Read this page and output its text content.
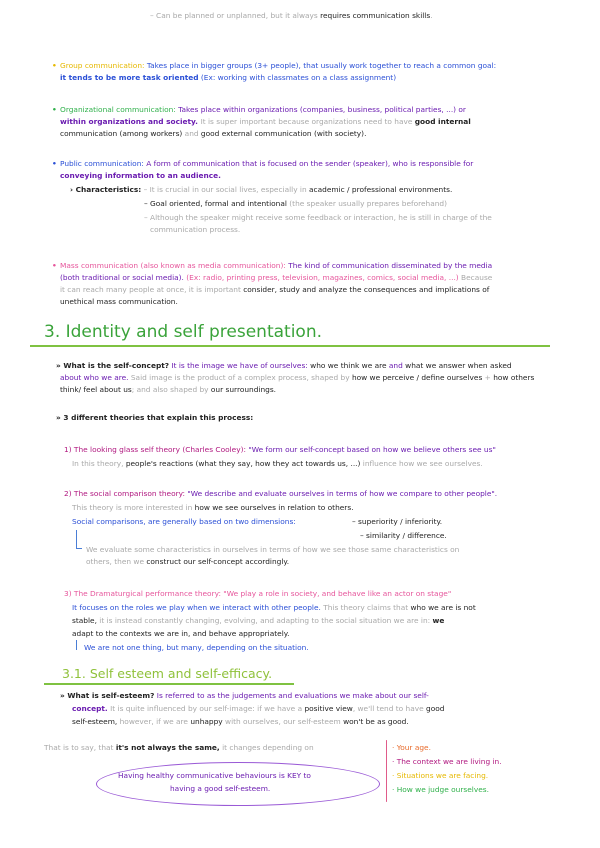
– Can be planned or unplanned, but it always requires communication skills.
• Group communication: Takes place in bigger groups (3+ people), that usually work together to reach a common goal:
it tends to be more task oriented (Ex: working with classmates on a class assignment)
• Organizational communication: Takes place within organizations (companies, business, political parties, ...) or
within organizations and society. It is super important because organizations need to have good internal
communication (among workers) and good external communication (with society).
• Public communication: A form of communication that is focused on the sender (speaker), who is responsible for
conveying information to an audience.
› Characteristics: – It is crucial in our social lives, especially in academic / professional environments.
– Goal oriented, formal and intentional (the speaker usually prepares beforehand)
– Although the speaker might receive some feedback or interaction, he is still in charge of the
communication process.
• Mass communication (also known as media communication): The kind of communication disseminated by the media
(both traditional or social media). (Ex: radio, printing press, television, magazines, comics, social media, ...) Because
it can reach many people at once, it is important consider, study and analyze the consequences and implications of
unethical mass communication.
3. Identity and self presentation.
» What is the self-concept? It is the image we have of ourselves: who we think we are and what we answer when asked
about who we are. Said image is the product of a complex process, shaped by how we perceive / define ourselves + how others
think/ feel about us; and also shaped by our surroundings.
» 3 different theories that explain this process:
1) The looking glass self theory (Charles Cooley): "We form our self-concept based on how we believe others see us"
In this theory, people's reactions (what they say, how they act towards us, ...) influence how we see ourselves.
2) The social comparison theory: "We describe and evaluate ourselves in terms of how we compare to other people".
This theory is more interested in how we see ourselves in relation to others.
Social comparisons, are generally based on two dimensions:	– superiority / inferiority.
– similarity / difference.
We evaluate some characteristics in ourselves in terms of how we see those same characteristics on
others, then we construct our self-concept accordingly.
3) The Dramaturgical performance theory: "We play a role in society, and behave like an actor on stage"
It focuses on the roles we play when we interact with other people. This theory claims that who we are is not
stable, it is instead constantly changing, evolving, and adapting to the social situation we are in: we
adapt to the contexts we are in, and behave appropriately.
We are not one thing, but many, depending on the situation.
3.1. Self esteem and self-efficacy.
» What is self-esteem? Is referred to as the judgements and evaluations we make about our self-
concept. It is quite influenced by our self-image: if we have a positive view, we'll tend to have good
self-esteem, however, if we are unhappy with ourselves, our self-esteem won't be as good.
That is to say, that it's not always the same, it changes depending on
Having healthy communicative behaviours is KEY to
having a good self-esteem.
· Your age.
· The context we are living in.
· Situations we are facing.
· How we judge ourselves.
